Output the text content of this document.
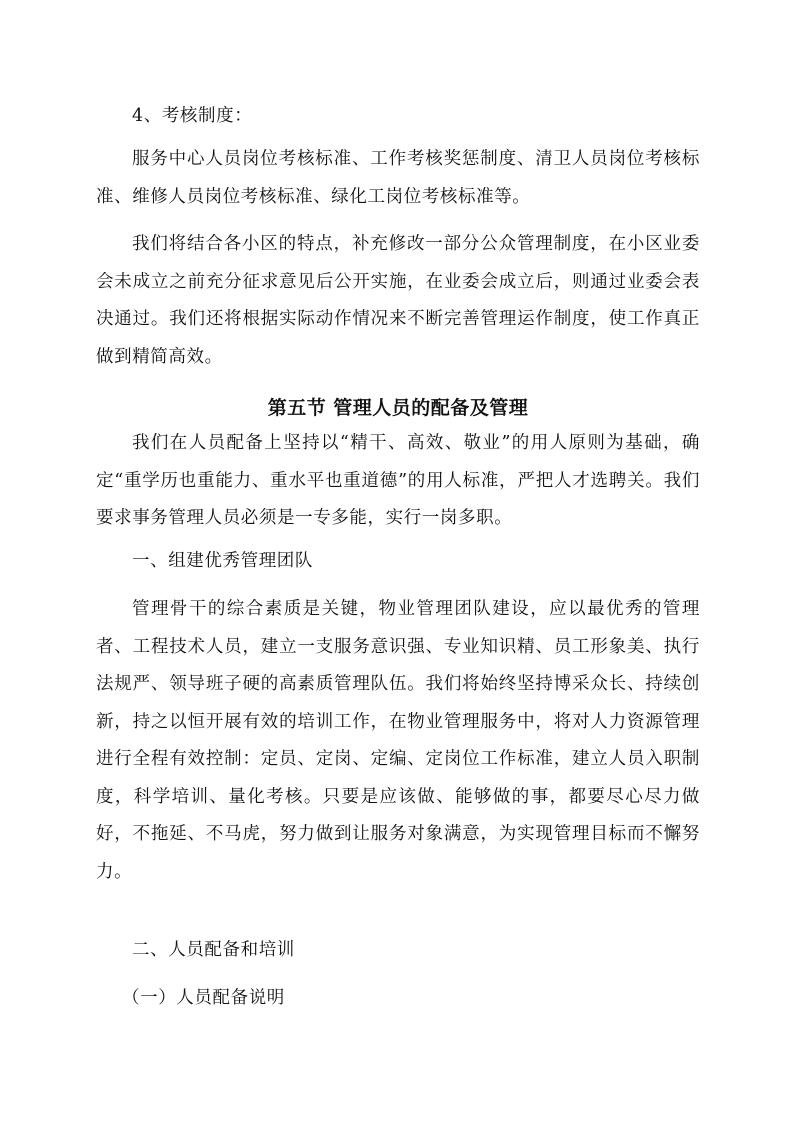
4、考核制度：

服务中心人员岗位考核标准、工作考核奖惩制度、清卫人员岗位考核标准、维修人员岗位考核标准、绿化工岗位考核标准等。

我们将结合各小区的特点，补充修改一部分公众管理制度，在小区业委会未成立之前充分征求意见后公开实施，在业委会成立后，则通过业委会表决通过。我们还将根据实际动作情况来不断完善管理运作制度，使工作真正做到精简高效。

第五节 管理人员的配备及管理

我们在人员配备上坚持以“精干、高效、敬业”的用人原则为基础，确定“重学历也重能力、重水平也重道德”的用人标准，严把人才选聘关。我们要求事务管理人员必须是一专多能，实行一岗多职。

一、组建优秀管理团队

管理骨干的综合素质是关键，物业管理团队建设，应以最优秀的管理者、工程技术人员，建立一支服务意识强、专业知识精、员工形象美、执行法规严、领导班子硬的高素质管理队伍。我们将始终坚持博采众长、持续创新，持之以恒开展有效的培训工作，在物业管理服务中，将对人力资源管理进行全程有效控制：定员、定岗、定编、定岗位工作标准，建立人员入职制度，科学培训、量化考核。只要是应该做、能够做的事，都要尽心尽力做好，不拖延、不马虎，努力做到让服务对象满意，为实现管理目标而不懈努力。

二、人员配备和培训

（一）人员配备说明
